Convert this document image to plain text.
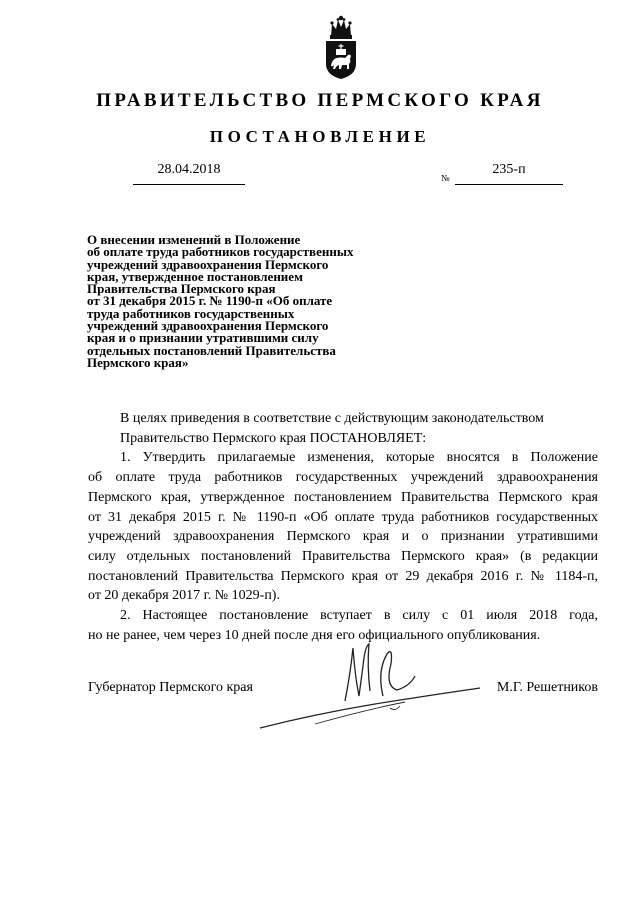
ПРАВИТЕЛЬСТВО ПЕРМСКОГО КРАЯ
ПОСТАНОВЛЕНИЕ
28.04.2018
№
235-п
О внесении изменений в Положение
об оплате труда работников государственных
учреждений здравоохранения Пермского
края, утвержденное постановлением
Правительства Пермского края
от 31 декабря 2015 г. № 1190-п «Об оплате
труда работников государственных
учреждений здравоохранения Пермского
края и о признании утратившими силу
отдельных постановлений Правительства
Пермского края»
В целях приведения в соответствие с действующим законодательством
Правительство Пермского края ПОСТАНОВЛЯЕТ:
1. Утвердить прилагаемые изменения, которые вносятся в Положение
об оплате труда работников государственных учреждений здравоохранения
Пермского края, утвержденное постановлением Правительства Пермского края
от 31 декабря 2015 г. № 1190-п «Об оплате труда работников государственных
учреждений здравоохранения Пермского края и о признании утратившими
силу отдельных постановлений Правительства Пермского края» (в редакции
постановлений Правительства Пермского края от 29 декабря 2016 г. № 1184-п,
от 20 декабря 2017 г. № 1029-п).
2. Настоящее постановление вступает в силу с 01 июля 2018 года,
но не ранее, чем через 10 дней после дня его официального опубликования.
Губернатор Пермского края	М.Г. Решетников
